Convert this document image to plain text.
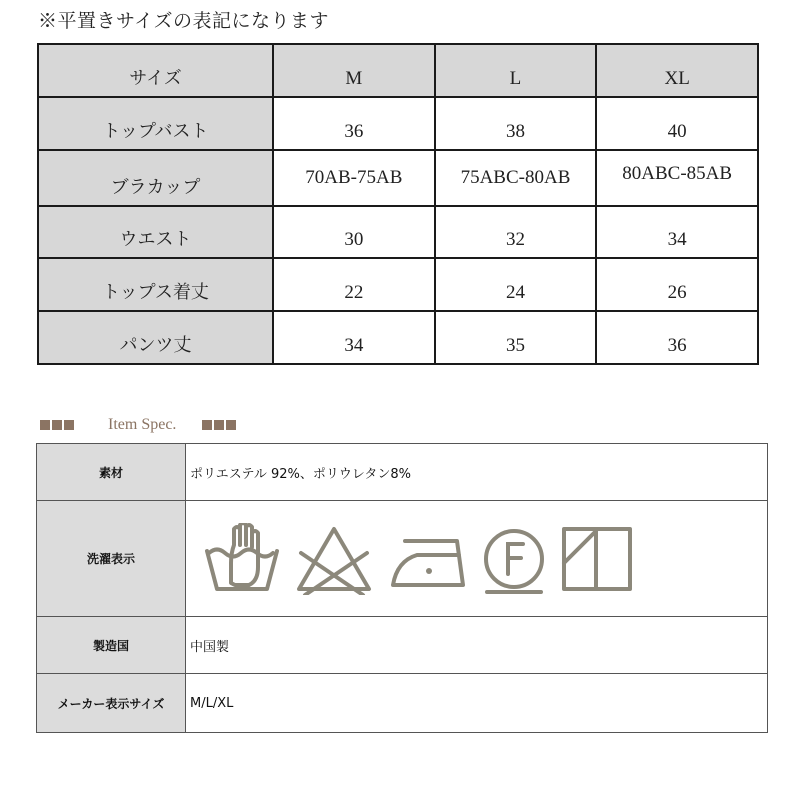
※平置きサイズの表記になります
サイズ	M	L	XL
トップバスト	36	38	40
ブラカップ	70AB-75AB	75ABC-80AB	80ABC-85AB
ウエスト	30	32	34
トップス着丈	22	24	26
パンツ丈	34	35	36
Item Spec.
素材	ポリエステル 92%、ポリウレタン8%
洗濯表示	

製造国	中国製
メーカー表示サイズ	M/L/XL
